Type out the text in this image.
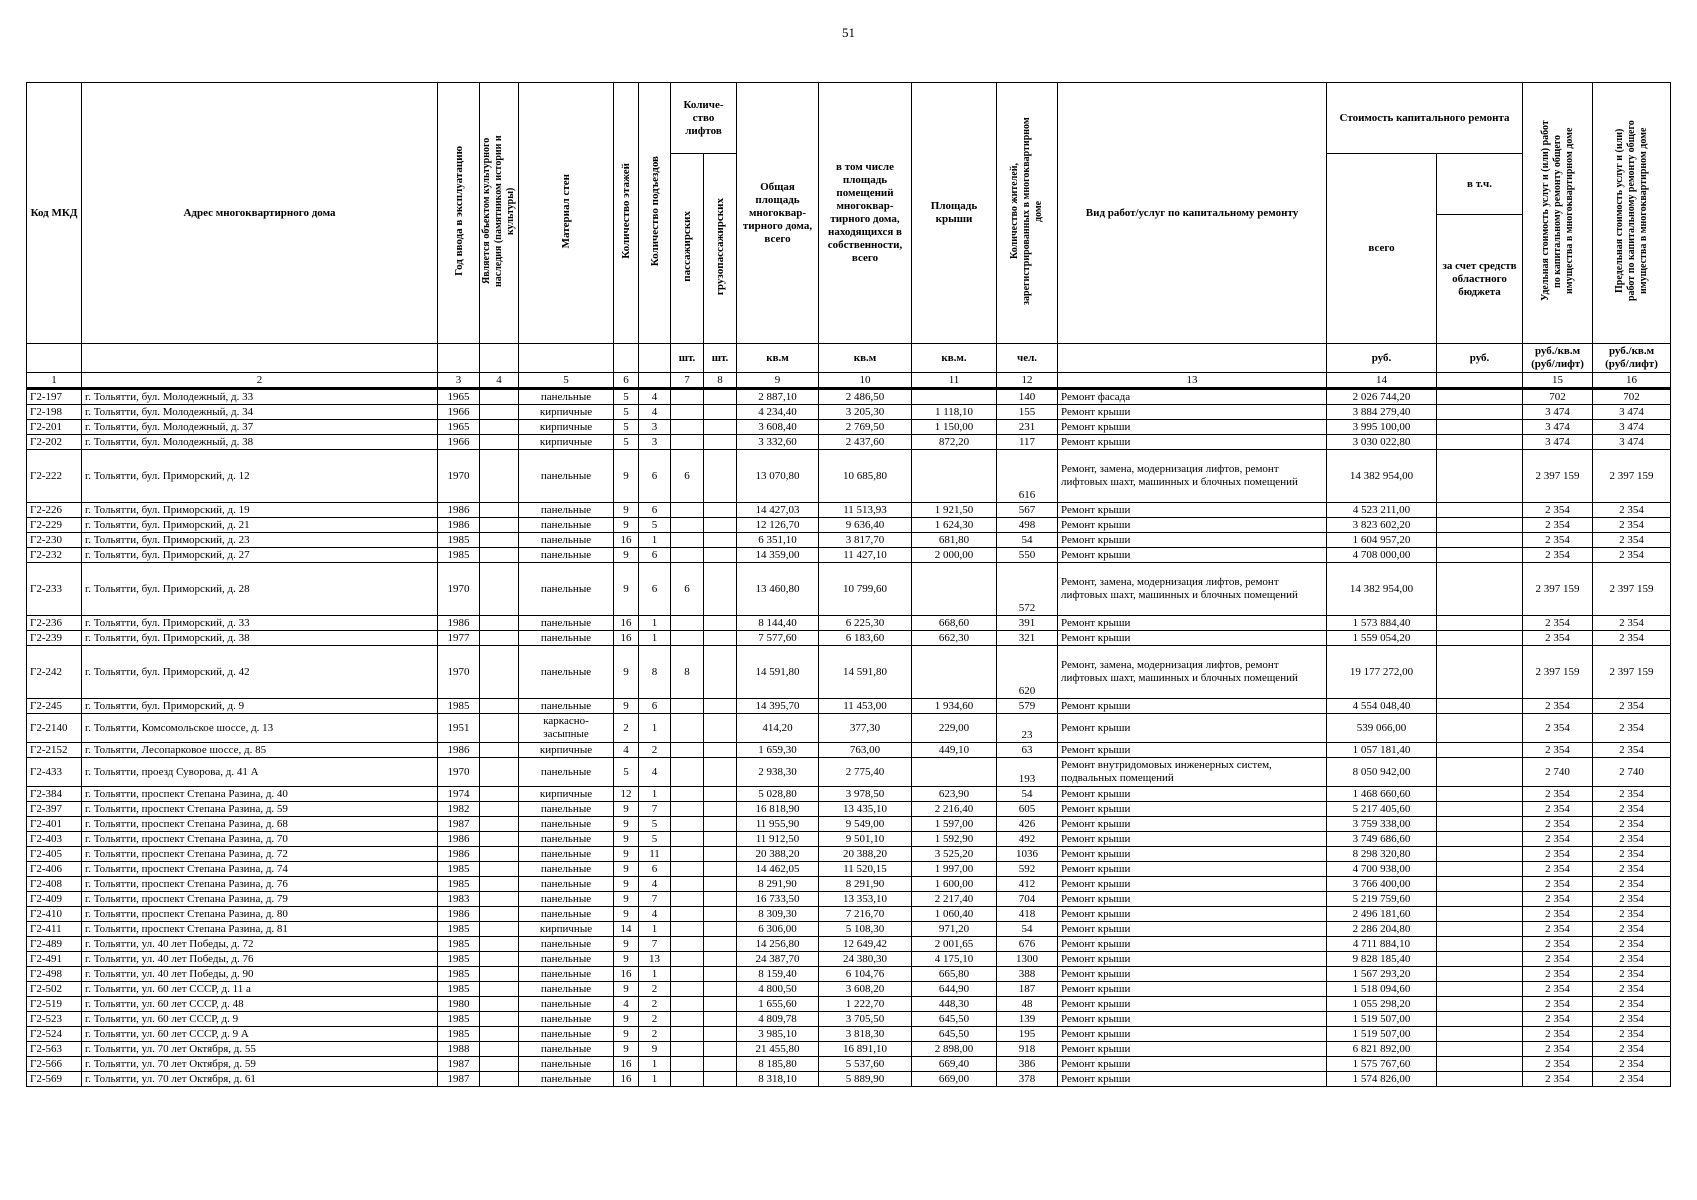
51
Код МКД	Адрес многоквартирного дома	Год ввода в эксплуатацию	Является объектом культурного наследия (памятником истории и культуры)	Материал стен	Количество этажей	Количество подъездов	Количе-ство лифтов		Общая площадь многоквар-тирного дома, всего	в том числе площадь помещений многоквар-тирного дома, находящихся в собственности, всего	Площадь крыши	Количество жителей, зарегистрированных в многоквартирном доме	Вид работ/услуг по капитальному ремонту	Стоимость капитального ремонта		Удельная стоимость услуг и (или) работ по капитальному ремонту общего имущества в многоквартирном доме	Предельная стоимость услуг и (или) работ по капитальному ремонту общего имущества в многоквартирном доме
							пассажирских	грузопассажирских						всего	в т.ч.		
															за счет средств областного бюджета		
							шт.	шт.	кв.м	кв.м	кв.м.	чел.		руб.	руб.	руб./кв.м (руб/лифт)	руб./кв.м (руб/лифт)
1	2	3	4	5	6		7	8	9	10	11	12	13	14		15	16
Г2-197	г. Тольятти, бул. Молодежный, д. 33	1965		панельные	5	4			2 887,10	2 486,50		140	Ремонт фасада	2 026 744,20		702	702
Г2-198	г. Тольятти, бул. Молодежный, д. 34	1966		кирпичные	5	4			4 234,40	3 205,30	1 118,10	155	Ремонт крыши	3 884 279,40		3 474	3 474
Г2-201	г. Тольятти, бул. Молодежный, д. 37	1965		кирпичные	5	3			3 608,40	2 769,50	1 150,00	231	Ремонт крыши	3 995 100,00		3 474	3 474
Г2-202	г. Тольятти, бул. Молодежный, д. 38	1966		кирпичные	5	3			3 332,60	2 437,60	872,20	117	Ремонт крыши	3 030 022,80		3 474	3 474
Г2-222	г. Тольятти, бул. Приморский, д. 12	1970		панельные	9	6	6		13 070,80	10 685,80		616	Ремонт, замена, модернизация лифтов, ремонт лифтовых шахт, машинных и блочных помещений	14 382 954,00		2 397 159	2 397 159
Г2-226	г. Тольятти, бул. Приморский, д. 19	1986		панельные	9	6			14 427,03	11 513,93	1 921,50	567	Ремонт крыши	4 523 211,00		2 354	2 354
Г2-229	г. Тольятти, бул. Приморский, д. 21	1986		панельные	9	5			12 126,70	9 636,40	1 624,30	498	Ремонт крыши	3 823 602,20		2 354	2 354
Г2-230	г. Тольятти, бул. Приморский, д. 23	1985		панельные	16	1			6 351,10	3 817,70	681,80	54	Ремонт крыши	1 604 957,20		2 354	2 354
Г2-232	г. Тольятти, бул. Приморский, д. 27	1985		панельные	9	6			14 359,00	11 427,10	2 000,00	550	Ремонт крыши	4 708 000,00		2 354	2 354
Г2-233	г. Тольятти, бул. Приморский, д. 28	1970		панельные	9	6	6		13 460,80	10 799,60		572	Ремонт, замена, модернизация лифтов, ремонт лифтовых шахт, машинных и блочных помещений	14 382 954,00		2 397 159	2 397 159
Г2-236	г. Тольятти, бул. Приморский, д. 33	1986		панельные	16	1			8 144,40	6 225,30	668,60	391	Ремонт крыши	1 573 884,40		2 354	2 354
Г2-239	г. Тольятти, бул. Приморский, д. 38	1977		панельные	16	1			7 577,60	6 183,60	662,30	321	Ремонт крыши	1 559 054,20		2 354	2 354
Г2-242	г. Тольятти, бул. Приморский, д. 42	1970		панельные	9	8	8		14 591,80	14 591,80		620	Ремонт, замена, модернизация лифтов, ремонт лифтовых шахт, машинных и блочных помещений	19 177 272,00		2 397 159	2 397 159
Г2-245	г. Тольятти, бул. Приморский, д. 9	1985		панельные	9	6			14 395,70	11 453,00	1 934,60	579	Ремонт крыши	4 554 048,40		2 354	2 354
Г2-2140	г. Тольятти, Комсомольское шоссе, д. 13	1951		каркасно-засыпные	2	1			414,20	377,30	229,00	23	Ремонт крыши	539 066,00		2 354	2 354
Г2-2152	г. Тольятти, Лесопарковое шоссе, д. 85	1986		кирпичные	4	2			1 659,30	763,00	449,10	63	Ремонт крыши	1 057 181,40		2 354	2 354
Г2-433	г. Тольятти, проезд Суворова, д. 41 А	1970		панельные	5	4			2 938,30	2 775,40		193	Ремонт внутридомовых инженерных систем, подвальных помещений	8 050 942,00		2 740	2 740
Г2-384	г. Тольятти, проспект Степана Разина, д. 40	1974		кирпичные	12	1			5 028,80	3 978,50	623,90	54	Ремонт крыши	1 468 660,60		2 354	2 354
Г2-397	г. Тольятти, проспект Степана Разина, д. 59	1982		панельные	9	7			16 818,90	13 435,10	2 216,40	605	Ремонт крыши	5 217 405,60		2 354	2 354
Г2-401	г. Тольятти, проспект Степана Разина, д. 68	1987		панельные	9	5			11 955,90	9 549,00	1 597,00	426	Ремонт крыши	3 759 338,00		2 354	2 354
Г2-403	г. Тольятти, проспект Степана Разина, д. 70	1986		панельные	9	5			11 912,50	9 501,10	1 592,90	492	Ремонт крыши	3 749 686,60		2 354	2 354
Г2-405	г. Тольятти, проспект Степана Разина, д. 72	1986		панельные	9	11			20 388,20	20 388,20	3 525,20	1036	Ремонт крыши	8 298 320,80		2 354	2 354
Г2-406	г. Тольятти, проспект Степана Разина, д. 74	1985		панельные	9	6			14 462,05	11 520,15	1 997,00	592	Ремонт крыши	4 700 938,00		2 354	2 354
Г2-408	г. Тольятти, проспект Степана Разина, д. 76	1985		панельные	9	4			8 291,90	8 291,90	1 600,00	412	Ремонт крыши	3 766 400,00		2 354	2 354
Г2-409	г. Тольятти, проспект Степана Разина, д. 79	1983		панельные	9	7			16 733,50	13 353,10	2 217,40	704	Ремонт крыши	5 219 759,60		2 354	2 354
Г2-410	г. Тольятти, проспект Степана Разина, д. 80	1986		панельные	9	4			8 309,30	7 216,70	1 060,40	418	Ремонт крыши	2 496 181,60		2 354	2 354
Г2-411	г. Тольятти, проспект Степана Разина, д. 81	1985		кирпичные	14	1			6 306,00	5 108,30	971,20	54	Ремонт крыши	2 286 204,80		2 354	2 354
Г2-489	г. Тольятти, ул. 40 лет Победы, д. 72	1985		панельные	9	7			14 256,80	12 649,42	2 001,65	676	Ремонт крыши	4 711 884,10		2 354	2 354
Г2-491	г. Тольятти, ул. 40 лет Победы, д. 76	1985		панельные	9	13			24 387,70	24 380,30	4 175,10	1300	Ремонт крыши	9 828 185,40		2 354	2 354
Г2-498	г. Тольятти, ул. 40 лет Победы, д. 90	1985		панельные	16	1			8 159,40	6 104,76	665,80	388	Ремонт крыши	1 567 293,20		2 354	2 354
Г2-502	г. Тольятти, ул. 60 лет СССР, д. 11 а	1985		панельные	9	2			4 800,50	3 608,20	644,90	187	Ремонт крыши	1 518 094,60		2 354	2 354
Г2-519	г. Тольятти, ул. 60 лет СССР, д. 48	1980		панельные	4	2			1 655,60	1 222,70	448,30	48	Ремонт крыши	1 055 298,20		2 354	2 354
Г2-523	г. Тольятти, ул. 60 лет СССР, д. 9	1985		панельные	9	2			4 809,78	3 705,50	645,50	139	Ремонт крыши	1 519 507,00		2 354	2 354
Г2-524	г. Тольятти, ул. 60 лет СССР, д. 9 А	1985		панельные	9	2			3 985,10	3 818,30	645,50	195	Ремонт крыши	1 519 507,00		2 354	2 354
Г2-563	г. Тольятти, ул. 70 лет Октября, д. 55	1988		панельные	9	9			21 455,80	16 891,10	2 898,00	918	Ремонт крыши	6 821 892,00		2 354	2 354
Г2-566	г. Тольятти, ул. 70 лет Октября, д. 59	1987		панельные	16	1			8 185,80	5 537,60	669,40	386	Ремонт крыши	1 575 767,60		2 354	2 354
Г2-569	г. Тольятти, ул. 70 лет Октября, д. 61	1987		панельные	16	1			8 318,10	5 889,90	669,00	378	Ремонт крыши	1 574 826,00		2 354	2 354
